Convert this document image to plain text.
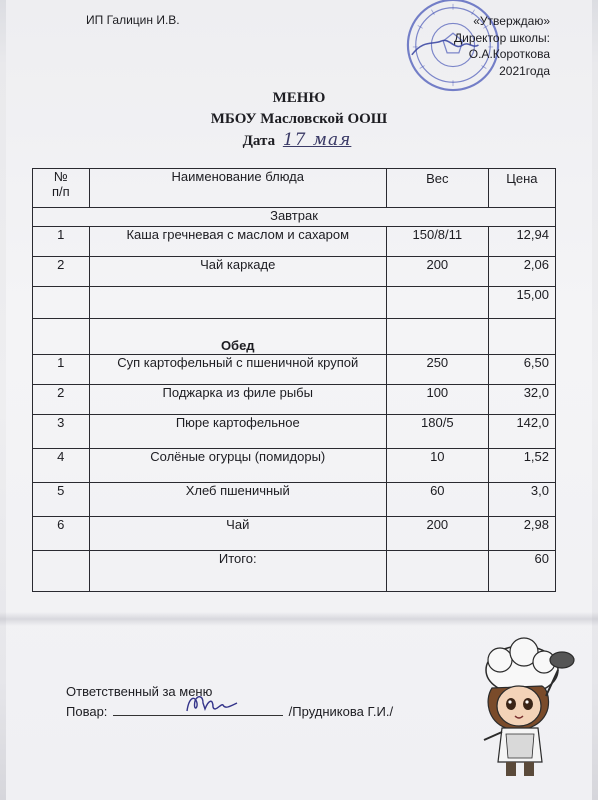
ИП Галицин И.В.	«Утверждаю»
Директор школы:
О.А.Короткова
2021года
МЕНЮ
МБОУ Масловской ООШ
Дата 17 мая
№
п/п	Наименование блюда	Вес	Цена
Завтрак			
1	Каша гречневая с маслом и сахаром	150/8/11	12,94
2	Чай каркаде	200	2,06
			15,00
	Обед		
1	Суп картофельный с пшеничной крупой	250	6,50
2	Поджарка из филе рыбы	100	32,0
3	Пюре картофельное	180/5	142,0
4	Солёные огурцы (помидоры)	10	1,52
5	Хлеб пшеничный	60	3,0
6	Чай	200	2,98
	Итого:		60
Ответственный за меню
Повар:	/Прудникова Г.И./
